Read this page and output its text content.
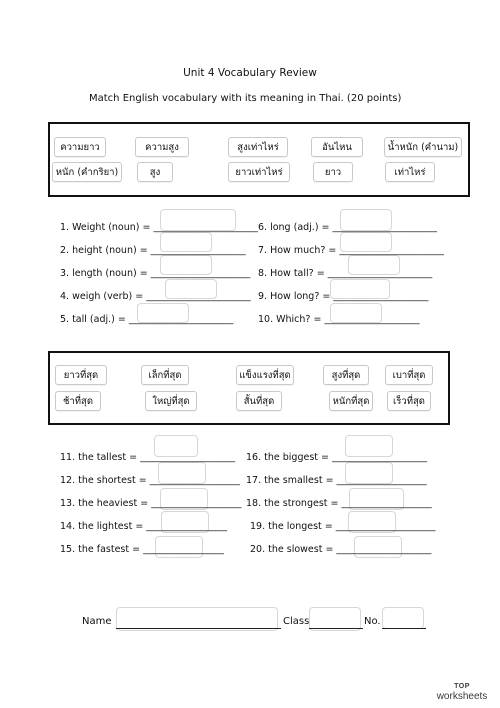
Unit 4 Vocabulary Review
Match English vocabulary with its meaning in Thai. (20 points)
ความยาว	ความสูง	สูงเท่าไหร่	อันไหน	น้ำหนัก (คำนาม)
หนัก (คำกริยา)	สูง	ยาวเท่าไหร่	ยาว	เท่าไหร่
1. Weight (noun) = ______________________ 6. long (adj.) = ______________________
2. height (noun) = ____________________ 7. How much? = ______________________
3. length (noun) = _____________________ 8. How tall? = ______________________
4. weigh (verb) = ______________________ 9. How long? = ____________________
5. tall (adj.) = ______________________	10. Which? = ____________________
ยาวที่สุด	เล็กที่สุด	แข็งแรงที่สุด	สูงที่สุด	เบาที่สุด
ช้าที่สุด	ใหญ่ที่สุด	สั้นที่สุด	หนักที่สุด	เร็วที่สุด
11. the tallest = ____________________ 16. the biggest = ____________________
12. the shortest = ___________________ 17. the smallest = ___________________
13. the heaviest = ___________________ 18. the strongest = ___________________
14. the lightest = _________________ 19. the longest = _____________________
15. the fastest = _________________	20. the slowest = ____________________
Name	Class	No.
TOP
worksheets
